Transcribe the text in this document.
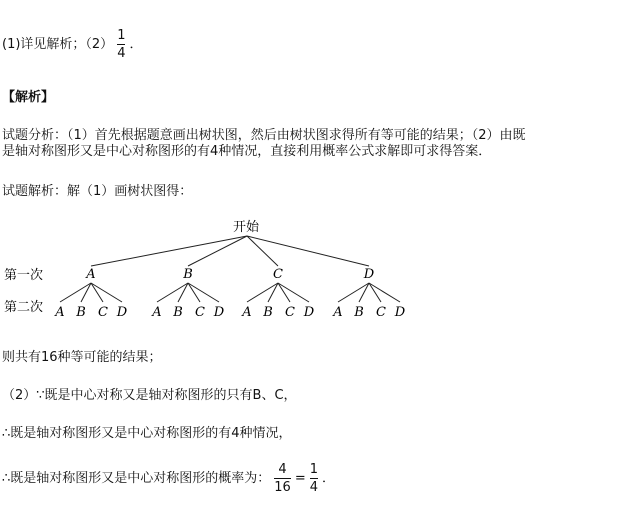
(1)详见解析；$(2) \frac{1}{4}$ ．
【解析】
试题分析：（1）首先根据题意画出树状图，然后由树状图求得所有等可能的结果；（2）由既
是轴对称图形又是中心对称图形的有4种情况，直接利用概率公式求解即可求得答案．
试题解析：解（1）画树状图得：
开始
第一次
第二次
A
A B C D
B
A B C D
C
A B C D
D
A B C D
则共有16种等可能的结果；
（2）∵既是中心对称又是轴对称图形的只有B、C，
∴既是轴对称图形又是中心对称图形的有4种情况，
∴既是轴对称图形又是中心对称图形的概率为： $\frac{4}{16} = \frac{1}{4}$ ．
